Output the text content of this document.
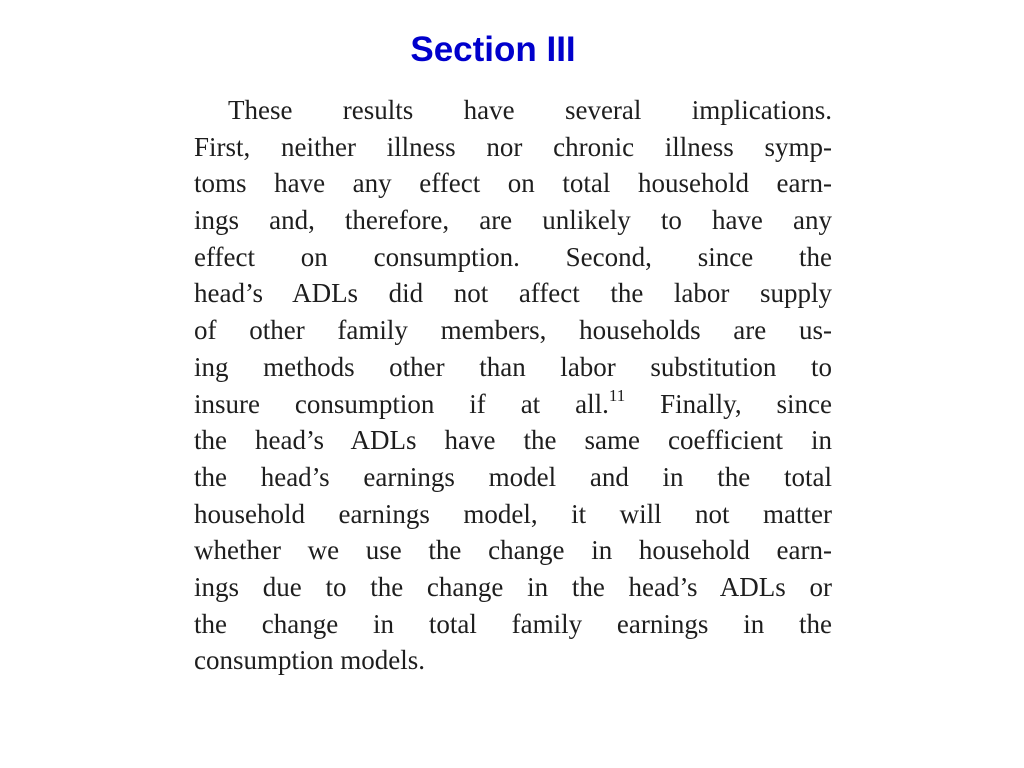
Section III
These results have several implications.
First, neither illness nor chronic illness symp-
toms have any effect on total household earn-
ings and, therefore, are unlikely to have any
effect on consumption. Second, since the
head’s ADLs did not affect the labor supply
of other family members, households are us-
ing methods other than labor substitution to
insure consumption if at all.$^{11}$ Finally, since
the head’s ADLs have the same coefficient in
the head’s earnings model and in the total
household earnings model, it will not matter
whether we use the change in household earn-
ings due to the change in the head’s ADLs or
the change in total family earnings in the
consumption models.
